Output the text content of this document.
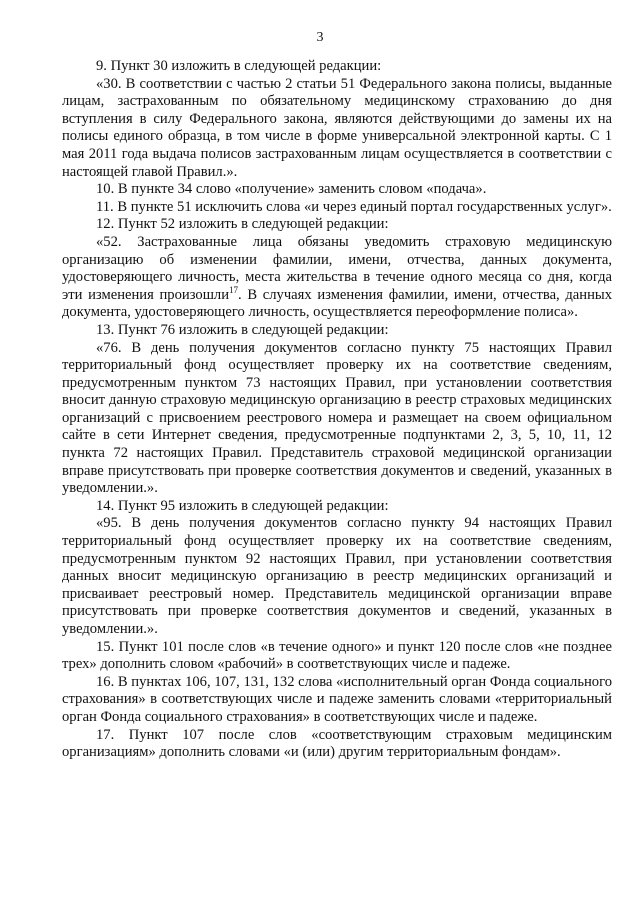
3

9. Пункт 30 изложить в следующей редакции:

«30. В соответствии с частью 2 статьи 51 Федерального закона полисы, выданные лицам, застрахованным по обязательному медицинскому страхованию до дня вступления в силу Федерального закона, являются действующими до замены их на полисы единого образца, в том числе в форме универсальной электронной карты. С 1 мая 2011 года выдача полисов застрахованным лицам осуществляется в соответствии с настоящей главой Правил.».

10. В пункте 34 слово «получение» заменить словом «подача».

11. В пункте 51 исключить слова «и через единый портал государственных услуг».

12. Пункт 52 изложить в следующей редакции:

«52. Застрахованные лица обязаны уведомить страховую медицинскую организацию об изменении фамилии, имени, отчества, данных документа, удостоверяющего личность, места жительства в течение одного месяца со дня, когда эти изменения произошли$^{17}$. В случаях изменения фамилии, имени, отчества, данных документа, удостоверяющего личность, осуществляется переоформление полиса».

13. Пункт 76 изложить в следующей редакции:

«76. В день получения документов согласно пункту 75 настоящих Правил территориальный фонд осуществляет проверку их на соответствие сведениям, предусмотренным пунктом 73 настоящих Правил, при установлении соответствия вносит данную страховую медицинскую организацию в реестр страховых медицинских организаций с присвоением реестрового номера и размещает на своем официальном сайте в сети Интернет сведения, предусмотренные подпунктами 2, 3, 5, 10, 11, 12 пункта 72 настоящих Правил. Представитель страховой медицинской организации вправе присутствовать при проверке соответствия документов и сведений, указанных в уведомлении.».

14. Пункт 95 изложить в следующей редакции:

«95. В день получения документов согласно пункту 94 настоящих Правил территориальный фонд осуществляет проверку их на соответствие сведениям, предусмотренным пунктом 92 настоящих Правил, при установлении соответствия данных вносит медицинскую организацию в реестр медицинских организаций и присваивает реестровый номер. Представитель медицинской организации вправе присутствовать при проверке соответствия документов и сведений, указанных в уведомлении.».

15. Пункт 101 после слов «в течение одного» и пункт 120 после слов «не позднее трех» дополнить словом «рабочий» в соответствующих числе и падеже.

16. В пунктах 106, 107, 131, 132 слова «исполнительный орган Фонда социального страхования» в соответствующих числе и падеже заменить словами «территориальный орган Фонда социального страхования» в соответствующих числе и падеже.

17. Пункт 107 после слов «соответствующим страховым медицинским организациям» дополнить словами «и (или) другим территориальным фондам».
